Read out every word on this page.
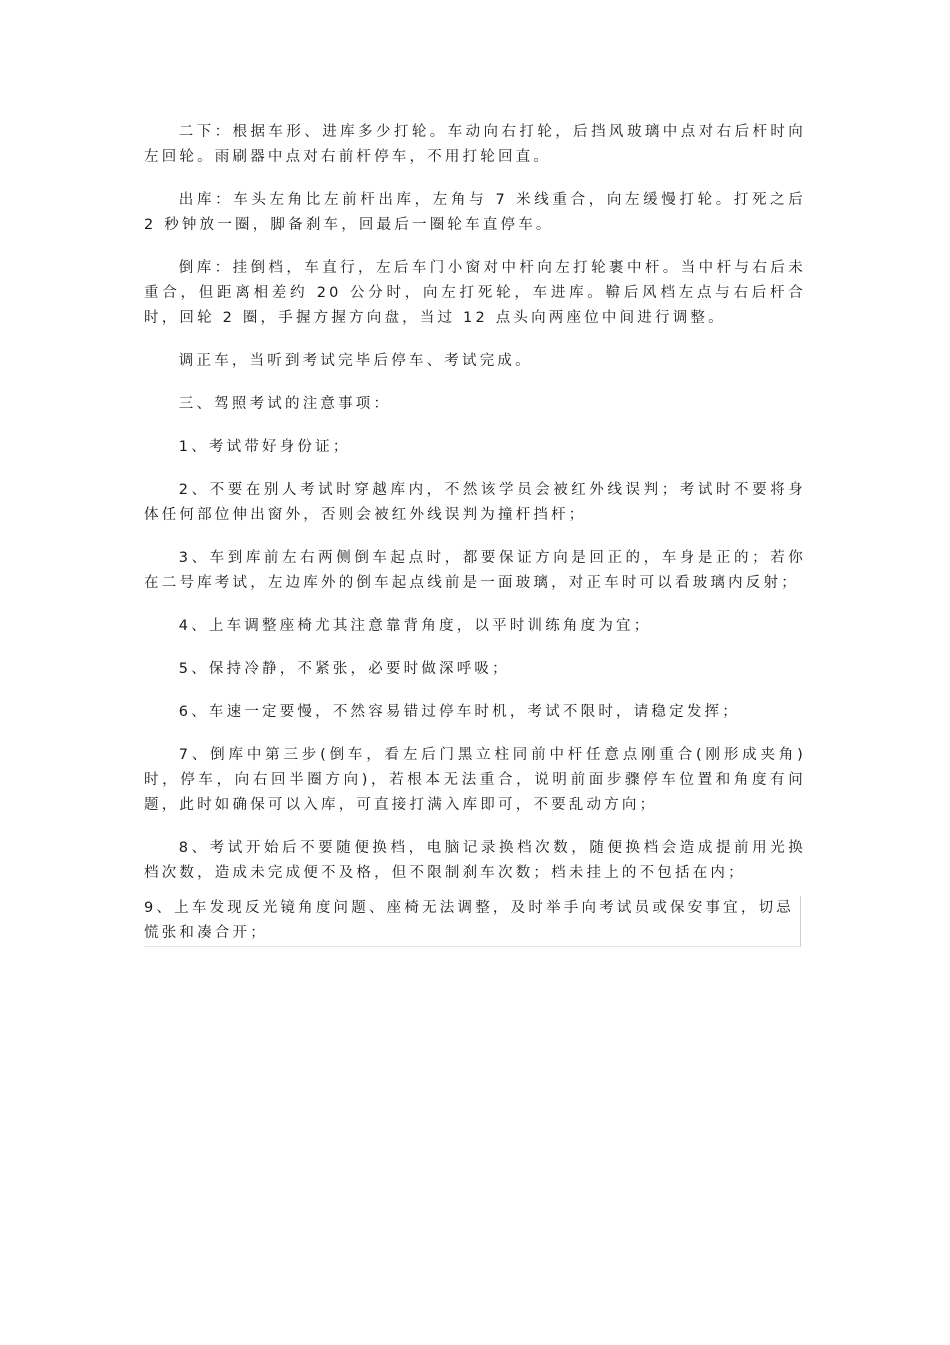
二下：根据车形、进库多少打轮。车动向右打轮，后挡风玻璃中点对右后杆时向左回轮。雨刷器中点对右前杆停车，不用打轮回直。

出库：车头左角比左前杆出库，左角与 7 米线重合，向左缓慢打轮。打死之后 2 秒钟放一圈，脚备刹车，回最后一圈轮车直停车。

倒库：挂倒档，车直行，左后车门小窗对中杆向左打轮裹中杆。当中杆与右后未重合，但距离相差约 20 公分时，向左打死轮，车进库。鞥后风档左点与右后杆合时，回轮 2 圈，手握方握方向盘，当过 12 点头向两座位中间进行调整。

调正车，当听到考试完毕后停车、考试完成。

三、驾照考试的注意事项：

1、考试带好身份证；

2、不要在别人考试时穿越库内，不然该学员会被红外线误判；考试时不要将身体任何部位伸出窗外，否则会被红外线误判为撞杆挡杆；

3、车到库前左右两侧倒车起点时，都要保证方向是回正的，车身是正的；若你在二号库考试，左边库外的倒车起点线前是一面玻璃，对正车时可以看玻璃内反射；

4、上车调整座椅尤其注意靠背角度，以平时训练角度为宜；

5、保持冷静，不紧张，必要时做深呼吸；

6、车速一定要慢，不然容易错过停车时机，考试不限时，请稳定发挥；

7、倒库中第三步(倒车，看左后门黑立柱同前中杆任意点刚重合(刚形成夹角)时，停车，向右回半圈方向)，若根本无法重合，说明前面步骤停车位置和角度有问题，此时如确保可以入库，可直接打满入库即可，不要乱动方向；

8、考试开始后不要随便换档，电脑记录换档次数，随便换档会造成提前用光换档次数，造成未完成便不及格，但不限制刹车次数；档未挂上的不包括在内；

9、上车发现反光镜角度问题、座椅无法调整，及时举手向考试员或保安事宜，切忌慌张和凑合开；
